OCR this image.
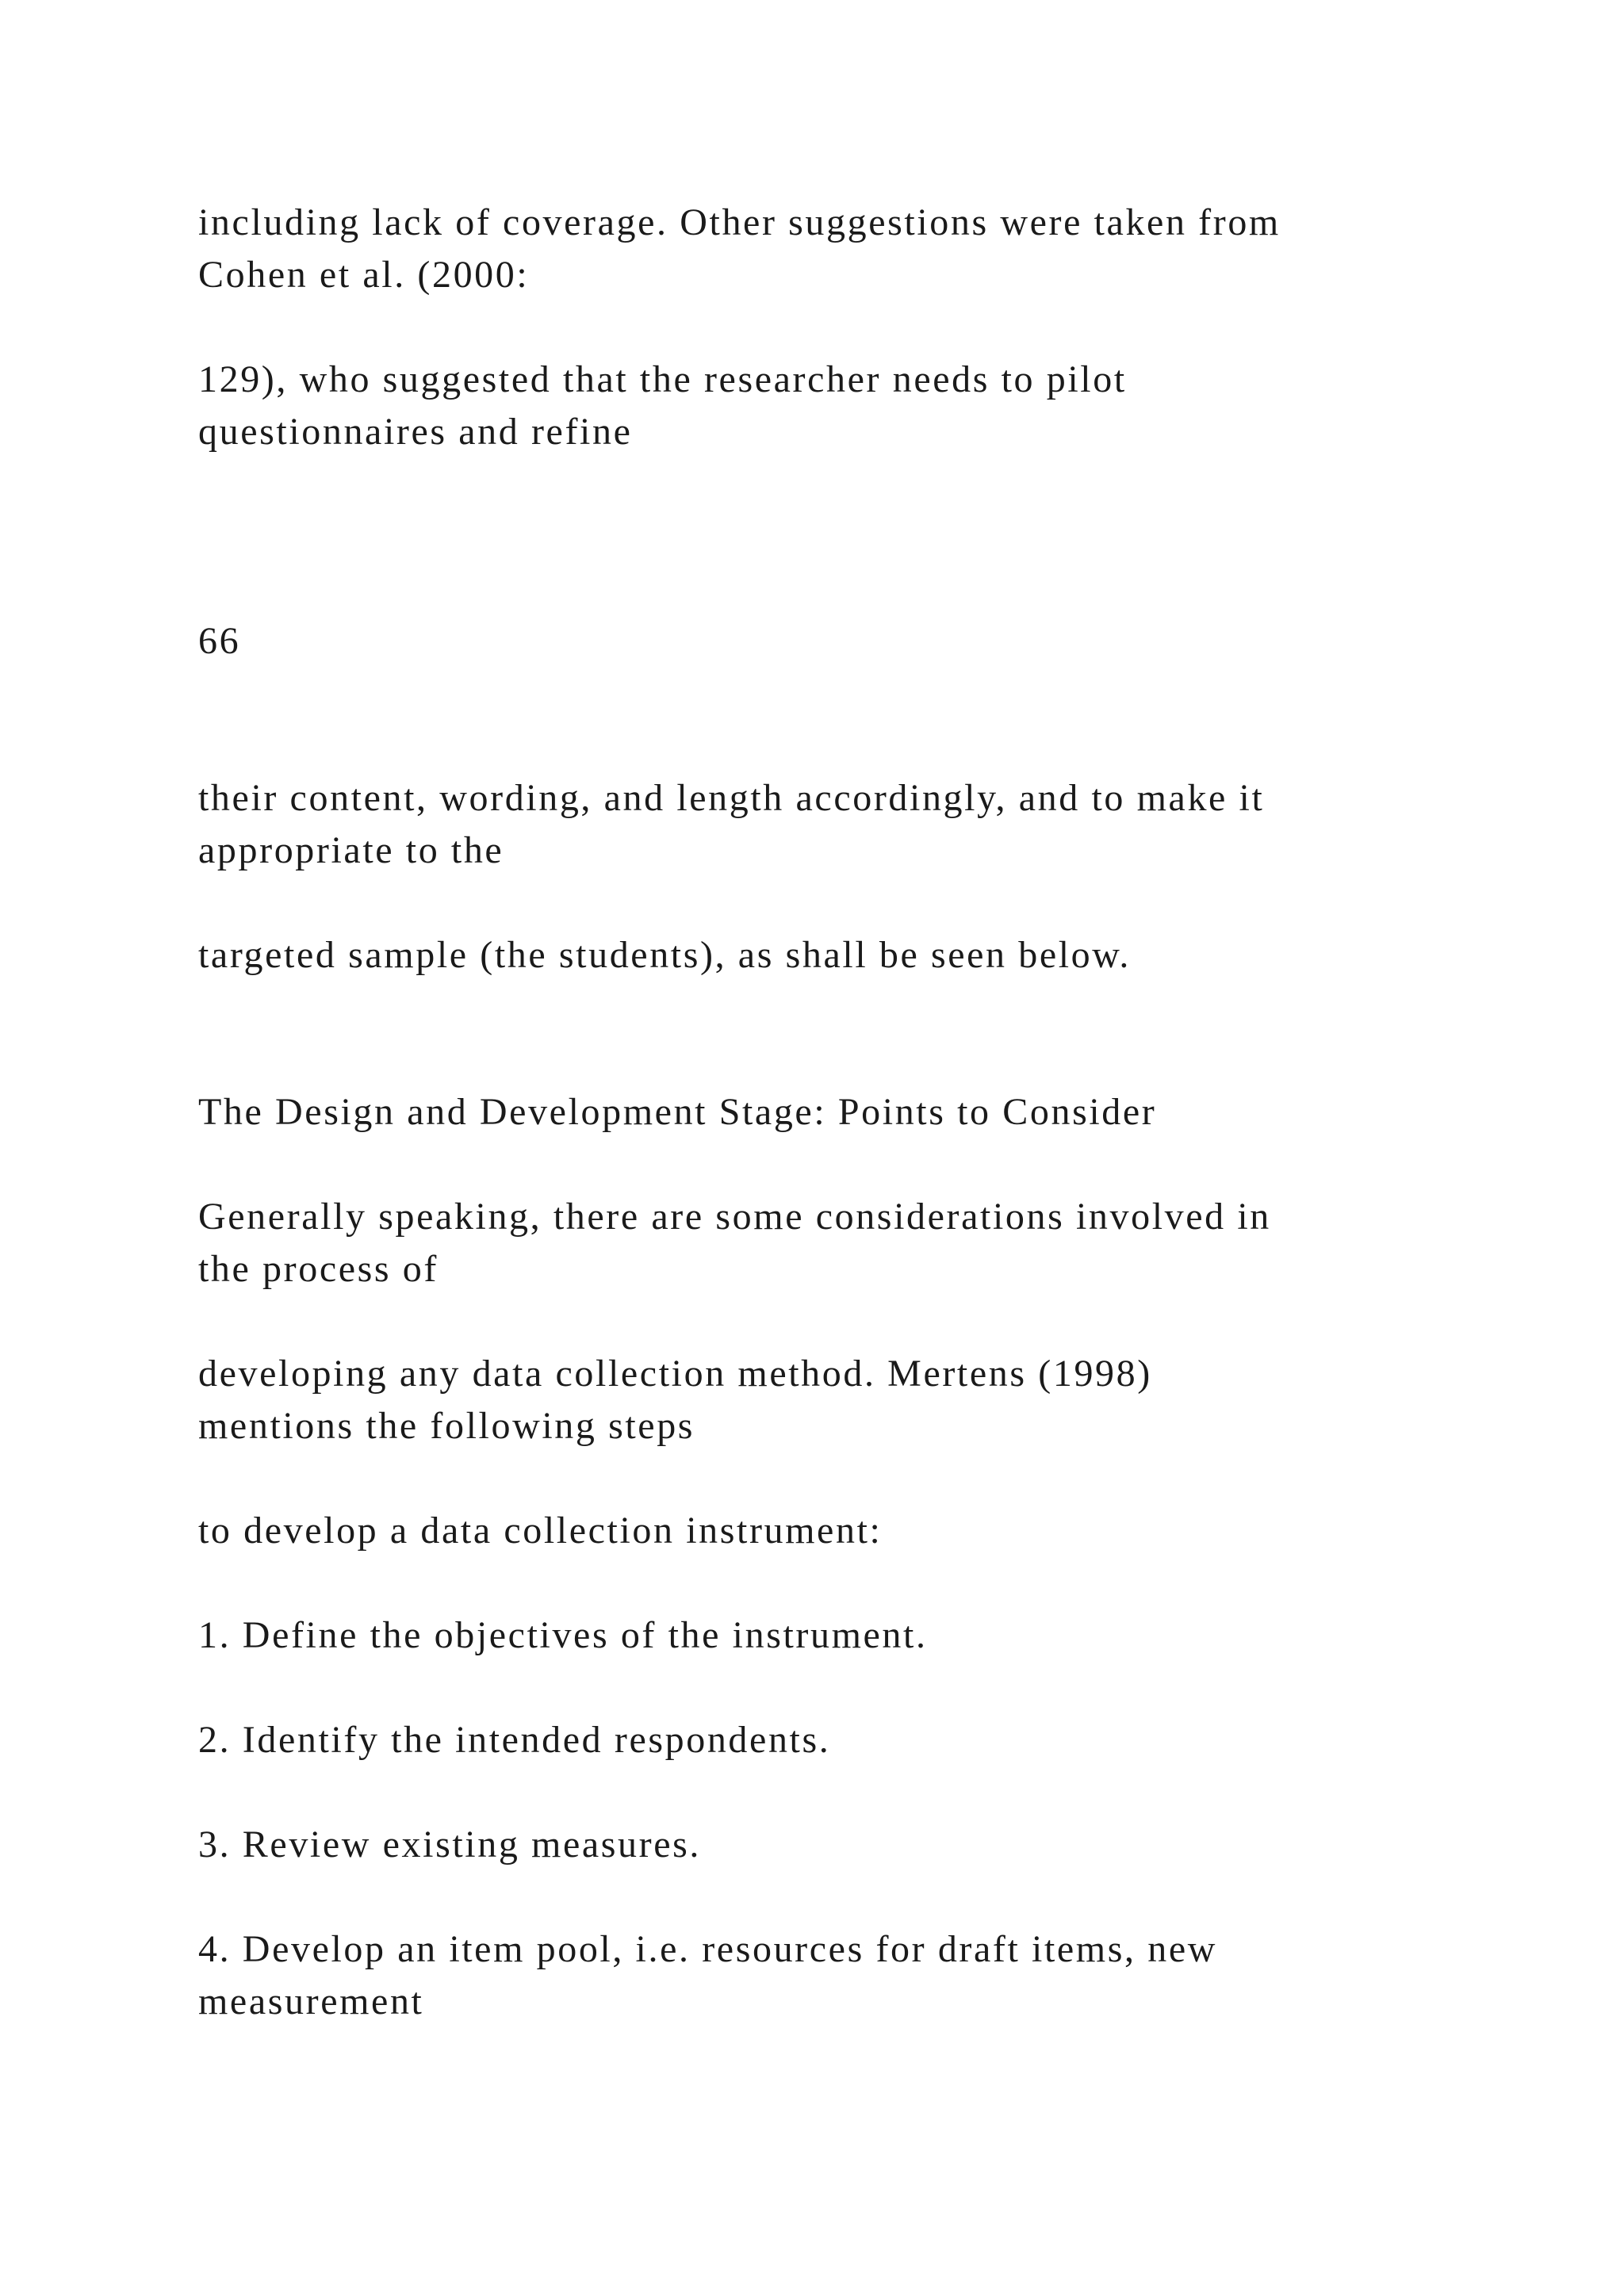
including lack of coverage. Other suggestions were taken from
Cohen et al. (2000:
129), who suggested that the researcher needs to pilot
questionnaires and refine
66
their content, wording, and length accordingly, and to make it
appropriate to the
targeted sample (the students), as shall be seen below.
The Design and Development Stage: Points to Consider
Generally speaking, there are some considerations involved in
the process of
developing any data collection method. Mertens (1998)
mentions the following steps
to develop a data collection instrument:
1. Define the objectives of the instrument.
2. Identify the intended respondents.
3. Review existing measures.
4. Develop an item pool, i.e. resources for draft items, new
measurement
